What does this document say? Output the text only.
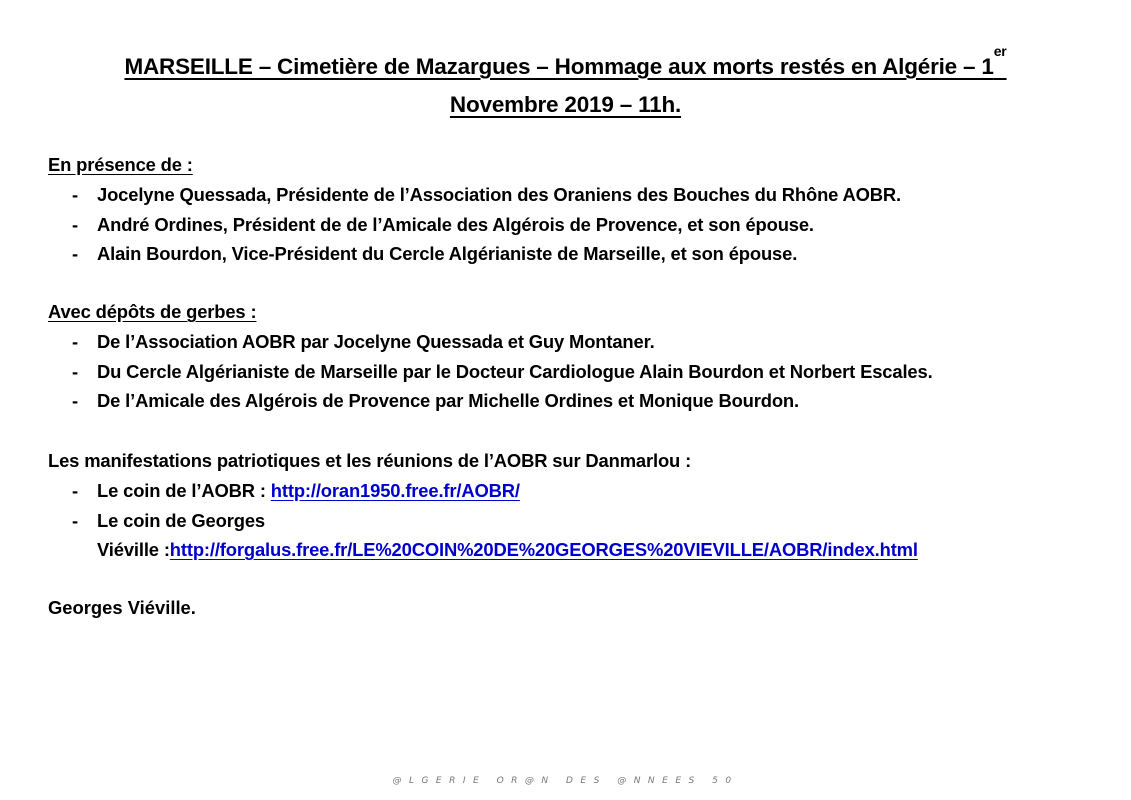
MARSEILLE – Cimetière de Mazargues – Hommage aux morts restés en Algérie – 1er
Novembre 2019 – 11h.
En présence de :
- Jocelyne Quessada, Présidente de l’Association des Oraniens des Bouches du Rhône AOBR.
- André Ordines, Président de de l’Amicale des Algérois de Provence, et son épouse.
- Alain Bourdon, Vice-Président du Cercle Algérianiste de Marseille, et son épouse.
Avec dépôts de gerbes :
- De l’Association AOBR par Jocelyne Quessada et Guy Montaner.
- Du Cercle Algérianiste de Marseille par le Docteur Cardiologue Alain Bourdon et Norbert Escales.
- De l’Amicale des Algérois de Provence par Michelle Ordines et Monique Bourdon.
Les manifestations patriotiques et les réunions de l’AOBR sur Danmarlou :
- Le coin de l’AOBR : http://oran1950.free.fr/AOBR/
- Le coin de Georges
Viéville :http://forgalus.free.fr/LE%20COIN%20DE%20GEORGES%20VIEVILLE/AOBR/index.html
Georges Viéville.
@LGERIE OR@N DES @NNEES 50
